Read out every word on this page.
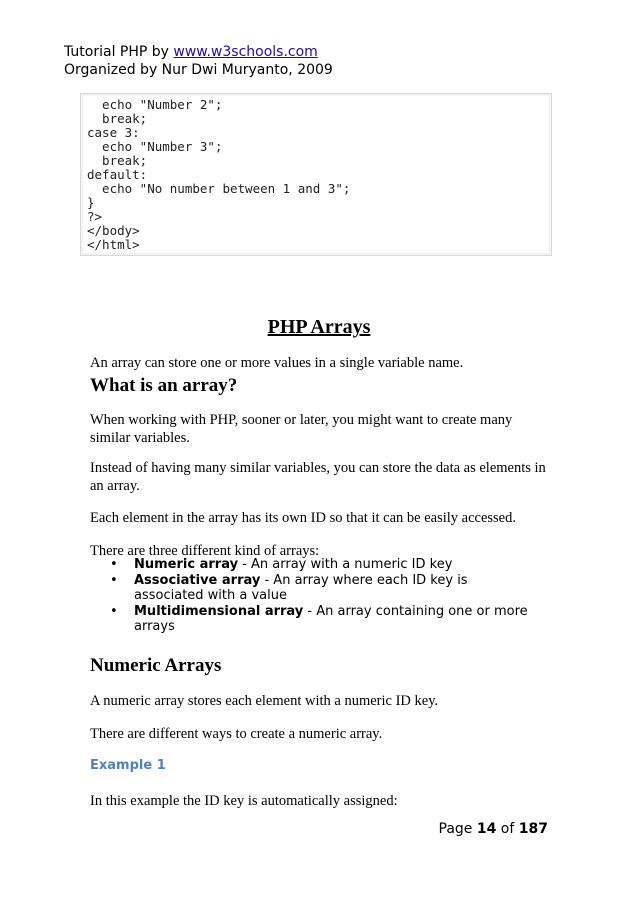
Tutorial PHP by www.w3schools.com
Organized by Nur Dwi Muryanto, 2009
echo "Number 2";
break;
case 3:
echo "Number 3";
break;
default:
echo "No number between 1 and 3";
}
?>
</body>
</html>
PHP Arrays
An array can store one or more values in a single variable name.
What is an array?
When working with PHP, sooner or later, you might want to create many similar variables.
Instead of having many similar variables, you can store the data as elements in an array.
Each element in the array has its own ID so that it can be easily accessed.
There are three different kind of arrays:
• Numeric array - An array with a numeric ID key
• Associative array - An array where each ID key is associated with a value
• Multidimensional array - An array containing one or more arrays
Numeric Arrays
A numeric array stores each element with a numeric ID key.
There are different ways to create a numeric array.
Example 1
In this example the ID key is automatically assigned:
Page 14 of 187
